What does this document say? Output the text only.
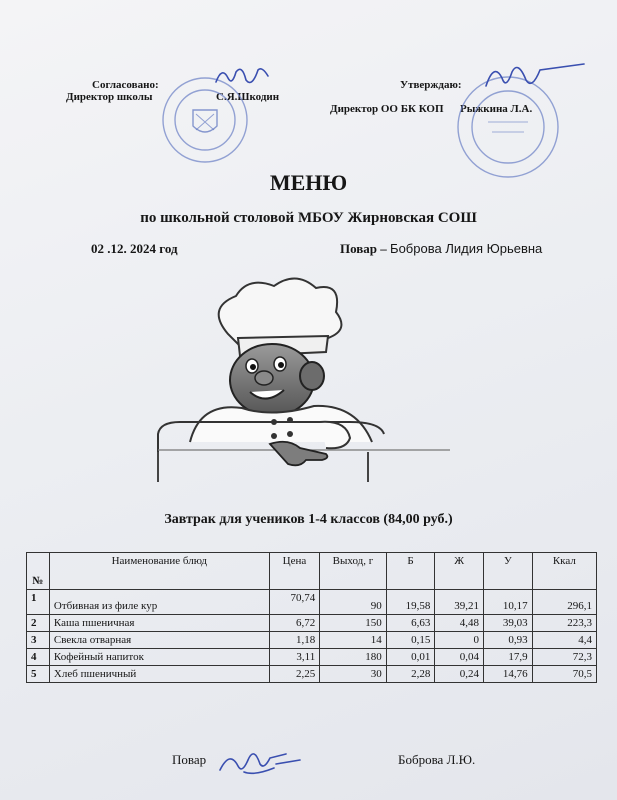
Согласовано:
Директор школы	С.Я.Шкодин
Утверждаю:
Директор ОО БК КОП Рыжкина Л.А.
МЕНЮ
по школьной столовой МБОУ Жирновская СОШ
02 .12. 2024 год	Повар – Боброва Лидия Юрьевна
Завтрак для учеников 1-4 классов (84,00 руб.)
№	Наименование блюд	Цена	Выход, г	Б	Ж	У	Ккал
1	Отбивная из филе кур	70,74	90	19,58	39,21	10,17	296,1
2	Каша пшеничная	6,72	150	6,63	4,48	39,03	223,3
3	Свекла отварная	1,18	14	0,15	0	0,93	4,4
4	Кофейный напиток	3,11	180	0,01	0,04	17,9	72,3
5	Хлеб пшеничный	2,25	30	2,28	0,24	14,76	70,5
Повар	Боброва Л.Ю.
